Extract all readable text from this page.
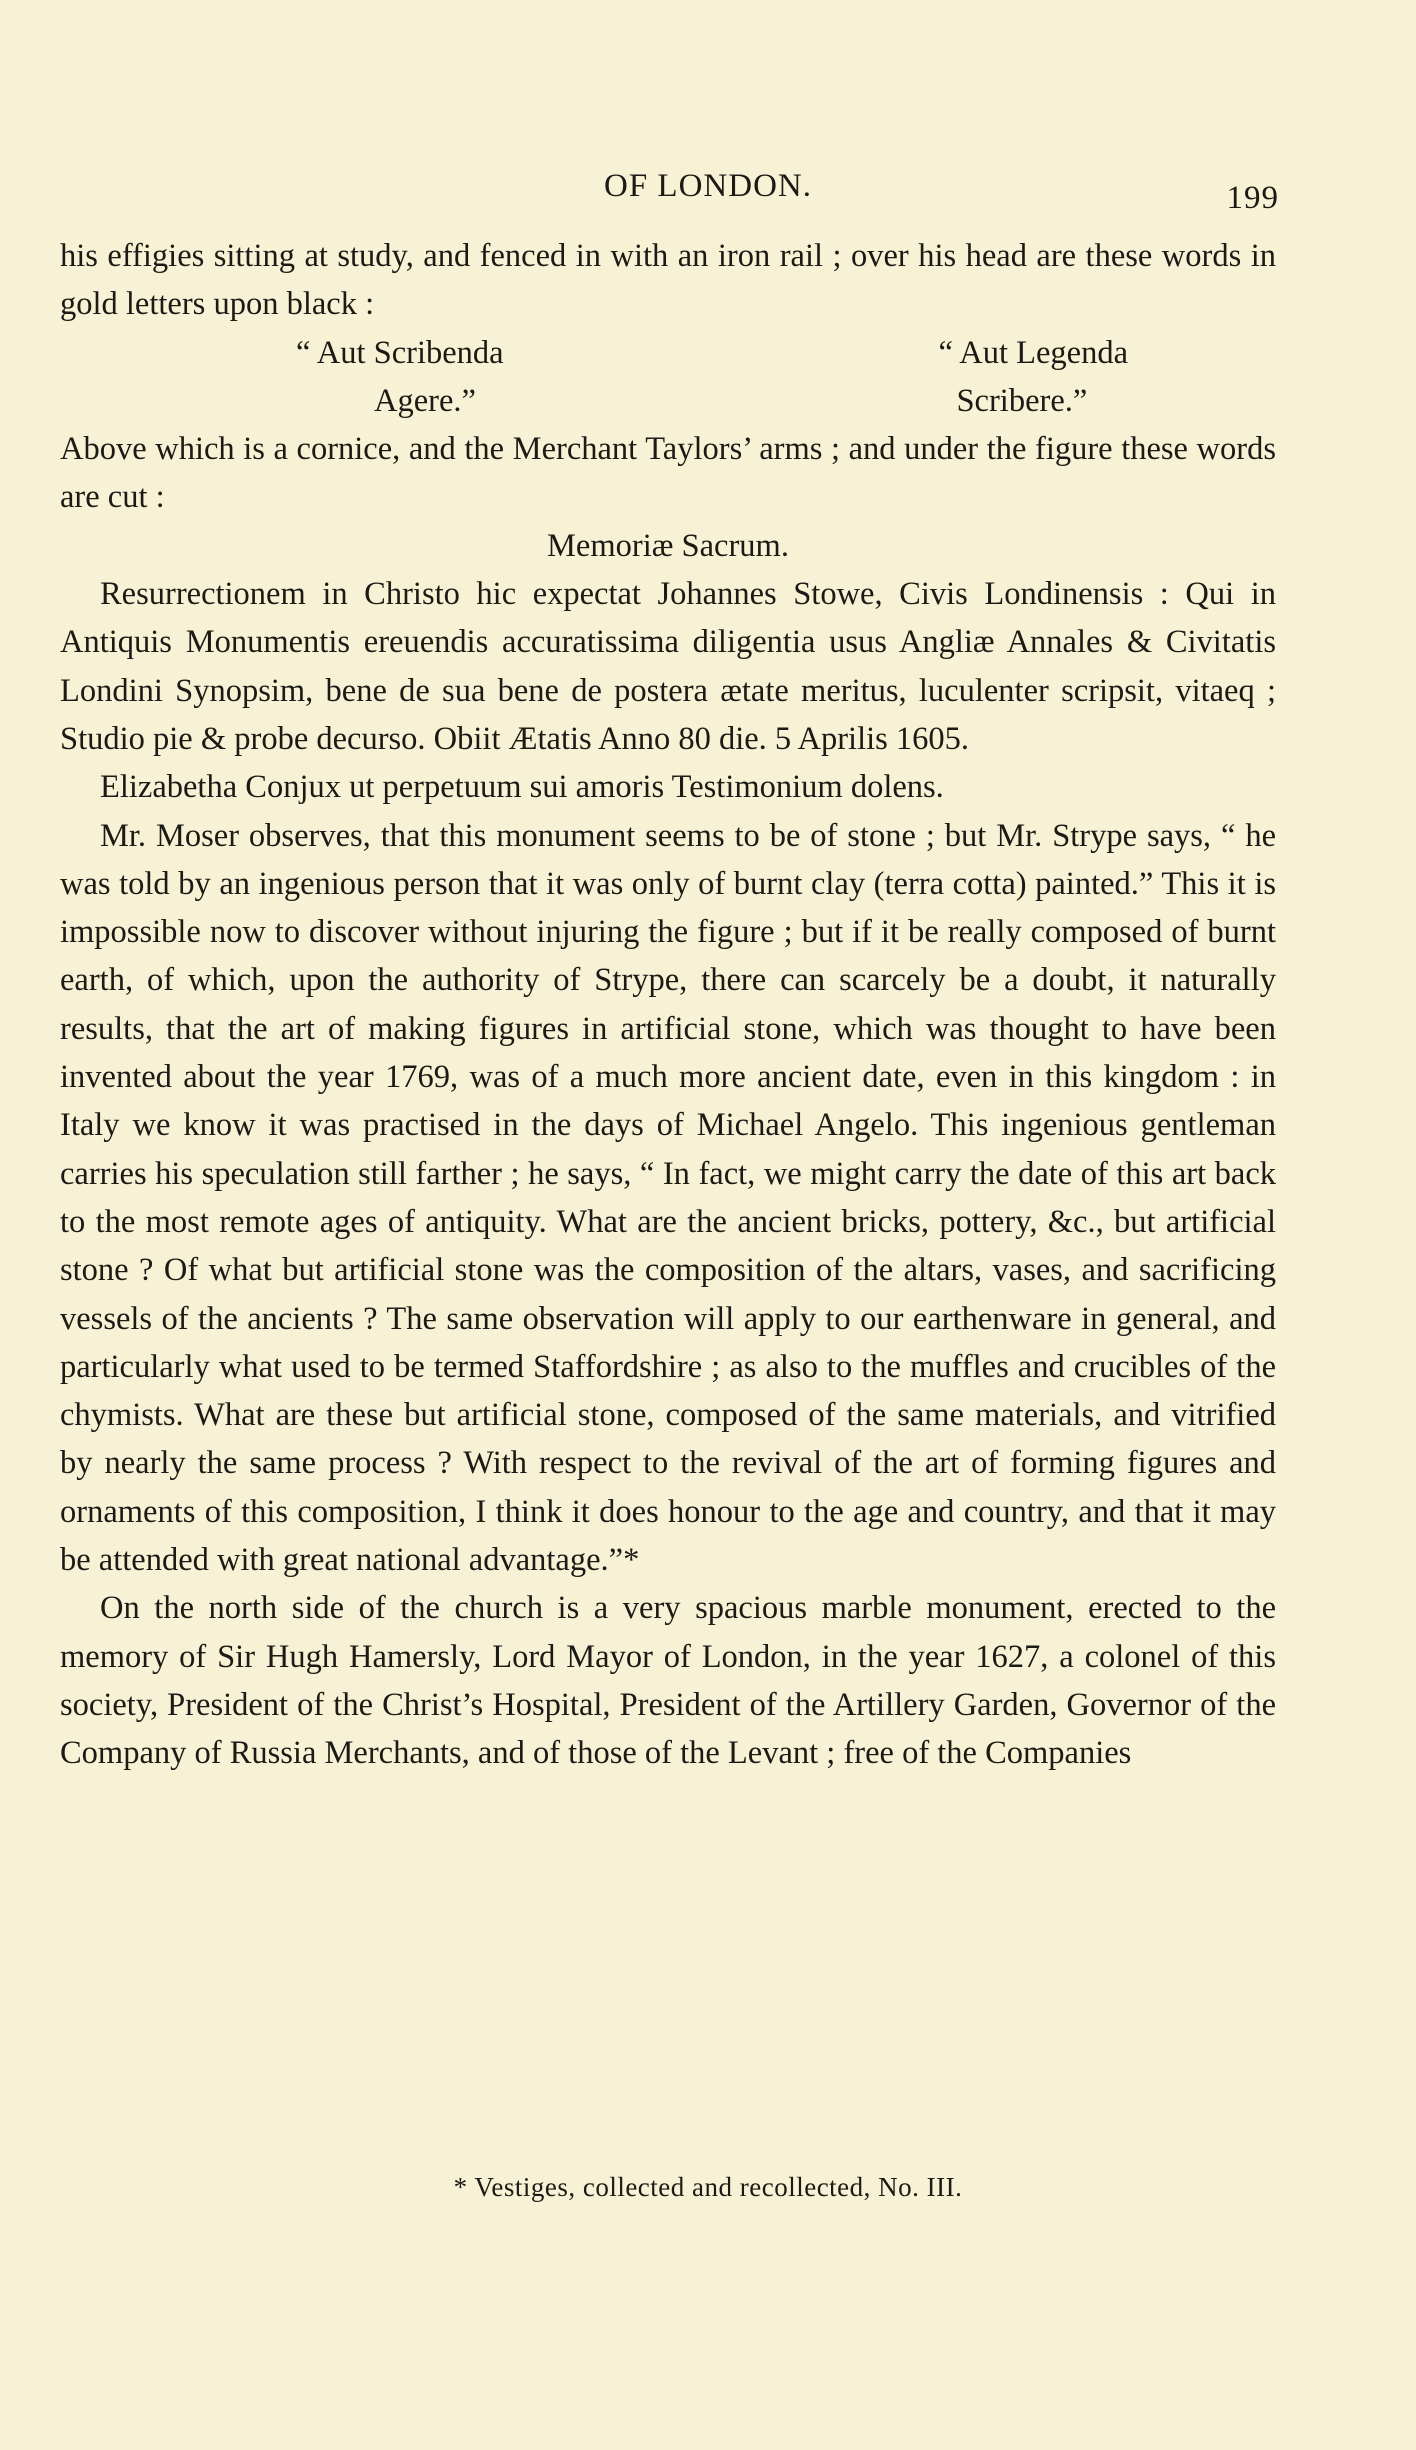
OF LONDON.	199

his effigies sitting at study, and fenced in with an iron rail ; over his head are these words in gold letters upon black :

“ Aut Scribenda
Agere.”
“ Aut Legenda
Scribere.”

Above which is a cornice, and the Merchant Taylors’ arms ; and under the figure these words are cut :

Memoriæ Sacrum.

Resurrectionem in Christo hic expectat Johannes Stowe, Civis Londinensis : Qui in Antiquis Monumentis ereuendis accuratissima diligentia usus Angliæ Annales & Civitatis Londini Synopsim, bene de sua bene de postera ætate meritus, luculenter scripsit, vitaeq ; Studio pie & probe decurso. Obiit Ætatis Anno 80 die. 5 Aprilis 1605.

Elizabetha Conjux ut perpetuum sui amoris Testimonium dolens.

Mr. Moser observes, that this monument seems to be of stone ; but Mr. Strype says, “ he was told by an ingenious person that it was only of burnt clay (terra cotta) painted.” This it is impossible now to discover without injuring the figure ; but if it be really composed of burnt earth, of which, upon the authority of Strype, there can scarcely be a doubt, it naturally results, that the art of making figures in artificial stone, which was thought to have been invented about the year 1769, was of a much more ancient date, even in this kingdom : in Italy we know it was practised in the days of Michael Angelo. This ingenious gentleman carries his speculation still farther ; he says, “ In fact, we might carry the date of this art back to the most remote ages of antiquity. What are the ancient bricks, pottery, &c., but artificial stone ? Of what but artificial stone was the composition of the altars, vases, and sacrificing vessels of the ancients ? The same observation will apply to our earthenware in general, and particularly what used to be termed Staffordshire ; as also to the muffles and crucibles of the chymists. What are these but artificial stone, composed of the same materials, and vitrified by nearly the same process ? With respect to the revival of the art of forming figures and ornaments of this composition, I think it does honour to the age and country, and that it may be attended with great national advantage.”*

On the north side of the church is a very spacious marble monument, erected to the memory of Sir Hugh Hamersly, Lord Mayor of London, in the year 1627, a colonel of this society, President of the Christ’s Hospital, President of the Artillery Garden, Governor of the Company of Russia Merchants, and of those of the Levant ; free of the Companies

* Vestiges, collected and recollected, No. III.
